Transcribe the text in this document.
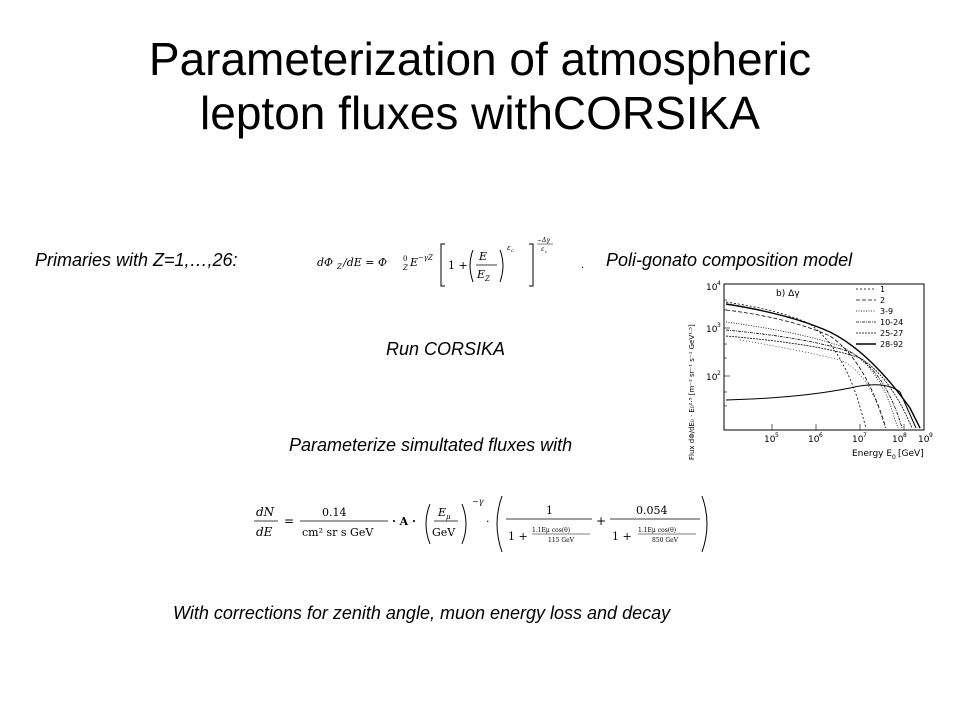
Parameterization of atmospheric
lepton fluxes withCORSIKA
Primaries with Z=1,…,26:	dΦ Z /dE = Φ 0
Z E −γZ
1 +
E
E Z
ε c
−Δγ
ε c
. Poli-gonato composition model
Run CORSIKA
Parameterize simultated fluxes with	Flux dΦ/dE₀ · E₀²·⁵ [m⁻² sr⁻¹ s⁻¹ GeV¹·⁵]
10 4
10 3
10 2
10 5	10 6	10 7	10 8 10 9
Energy E 0 [GeV]
b) Δγ	1
2
3-9
10-24
25-27
28-92
dN
dE
=
0.14
cm² sr s GeV
· A ·
E μ
GeV
−γ
·
1
1 + 1.1Eμ cos(θ)
115 GeV
+
0.054
1 + 1.1Eμ cos(θ)
850 GeV
With corrections for zenith angle, muon energy loss and decay
